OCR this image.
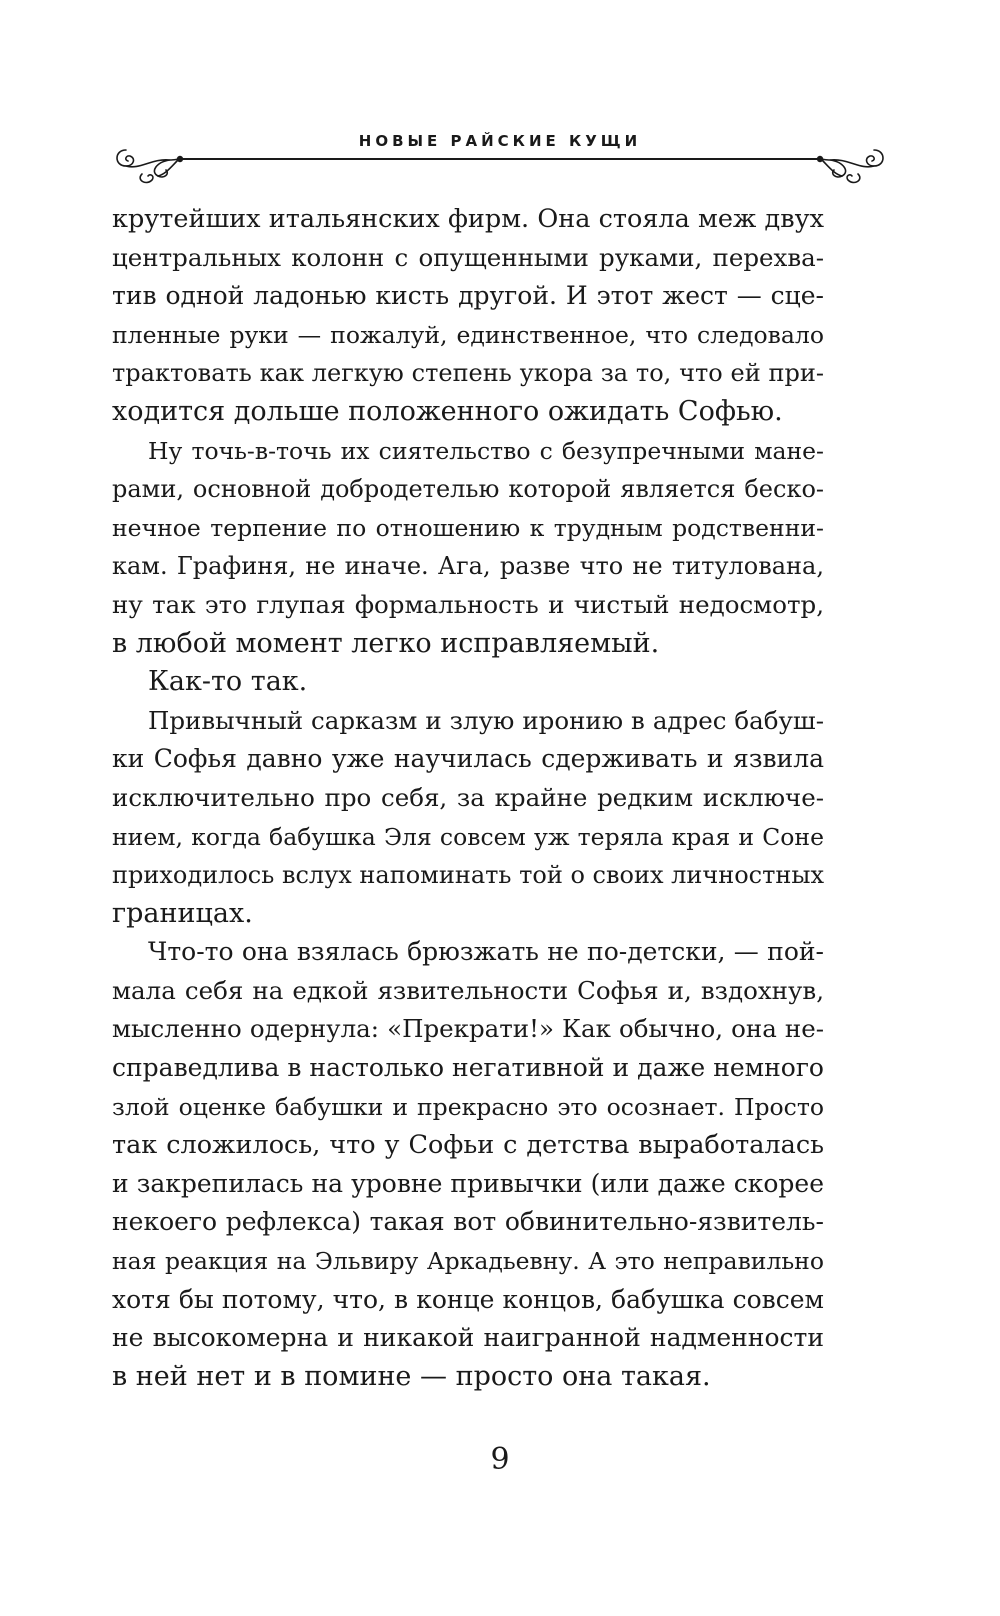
НОВЫЕ РАЙСКИЕ КУЩИ

крутейших итальянских фирм. Она стояла меж двух
центральных колонн с опущенными руками, перехва-
тив одной ладонью кисть другой. И этот жест — сце-
пленные руки — пожалуй, единственное, что следовало
трактовать как легкую степень укора за то, что ей при-
ходится дольше положенного ожидать Софью.

Ну точь-в-точь их сиятельство с безупречными мане-
рами, основной добродетелью которой является беско-
нечное терпение по отношению к трудным родственни-
кам. Графиня, не иначе. Ага, разве что не титулована,
ну так это глупая формальность и чистый недосмотр,
в любой момент легко исправляемый.

Как-то так.

Привычный сарказм и злую иронию в адрес бабуш-
ки Софья давно уже научилась сдерживать и язвила
исключительно про себя, за крайне редким исключе-
нием, когда бабушка Эля совсем уж теряла края и Соне
приходилось вслух напоминать той о своих личностных
границах.

Что-то она взялась брюзжать не по-детски, — пой-
мала себя на едкой язвительности Софья и, вздохнув,
мысленно одернула: «Прекрати!» Как обычно, она не-
справедлива в настолько негативной и даже немного
злой оценке бабушки и прекрасно это осознает. Просто
так сложилось, что у Софьи с детства выработалась
и закрепилась на уровне привычки (или даже скорее
некоего рефлекса) такая вот обвинительно-язвитель-
ная реакция на Эльвиру Аркадьевну. А это неправильно
хотя бы потому, что, в конце концов, бабушка совсем
не высокомерна и никакой наигранной надменности
в ней нет и в помине — просто она такая.

9
